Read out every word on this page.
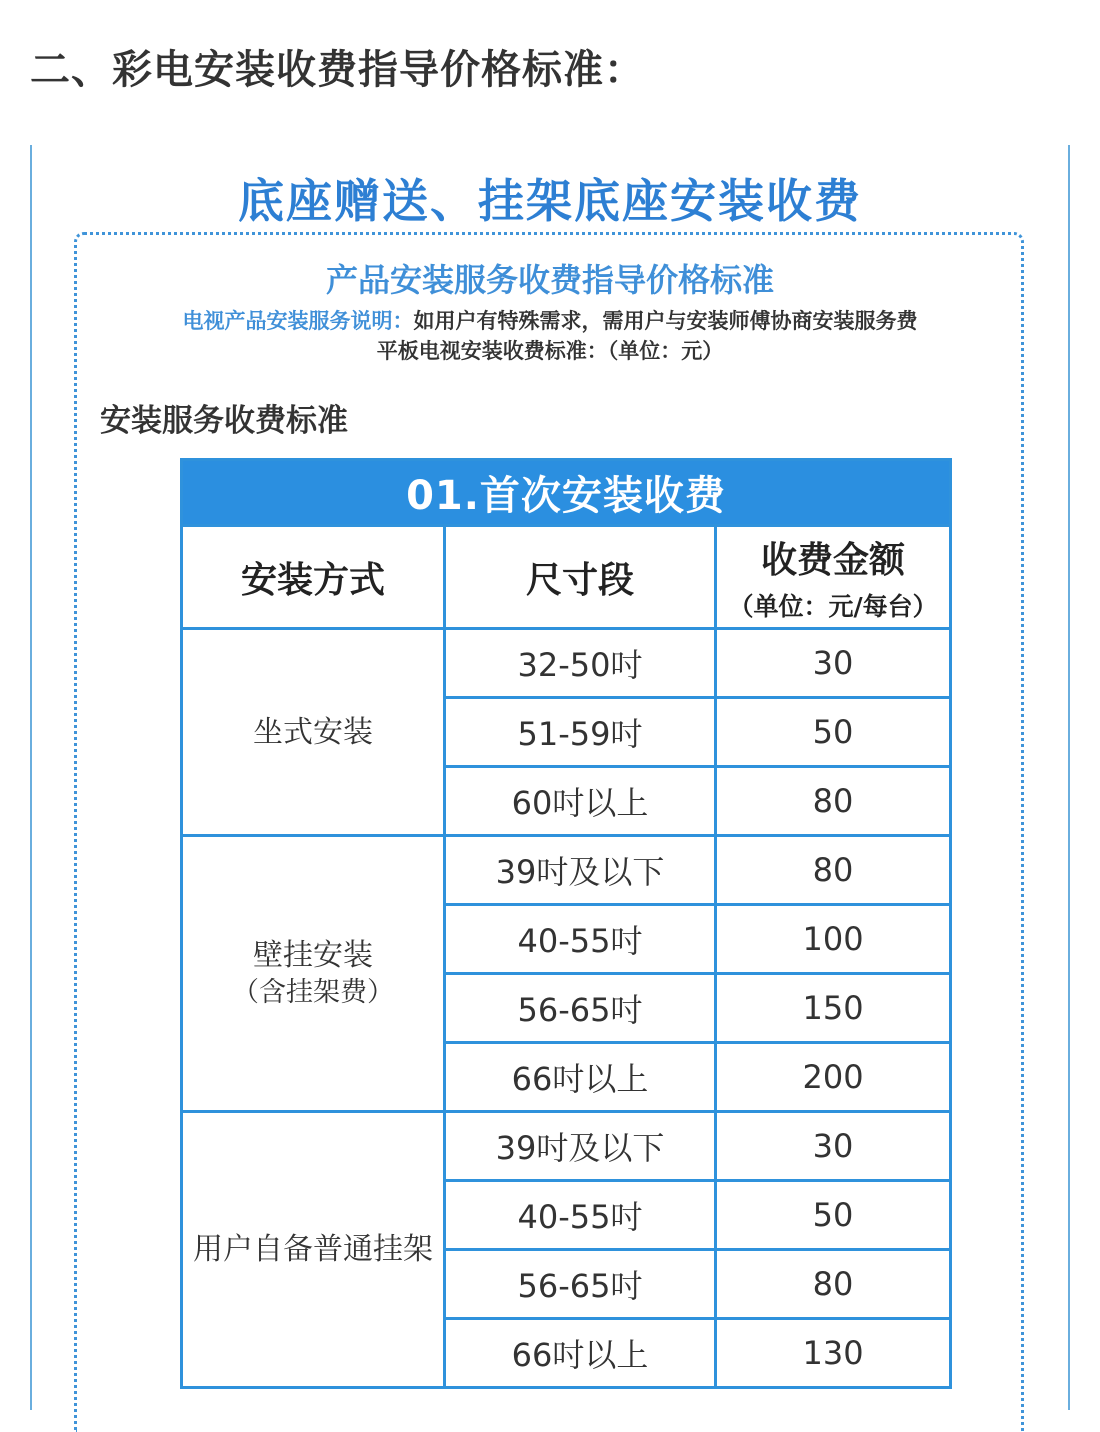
二、彩电安装收费指导价格标准：
底座赠送、挂架底座安装收费
产品安装服务收费指导价格标准
电视产品安装服务说明：如用户有特殊需求，需用户与安装师傅协商安装服务费
平板电视安装收费标准：（单位：元）
安装服务收费标准
01.首次安装收费		
安装方式	尺寸段	收费金额
（单位：元/每台）

坐式安装	32-50吋	30
	51-59吋	50
	60吋以上	80
壁挂安装
（含挂架费）	39吋及以下	80
	40-55吋	100
	56-65吋	150
	66吋以上	200
用户自备普通挂架	39吋及以下	30
	40-55吋	50
	56-65吋	80
	66吋以上	130
